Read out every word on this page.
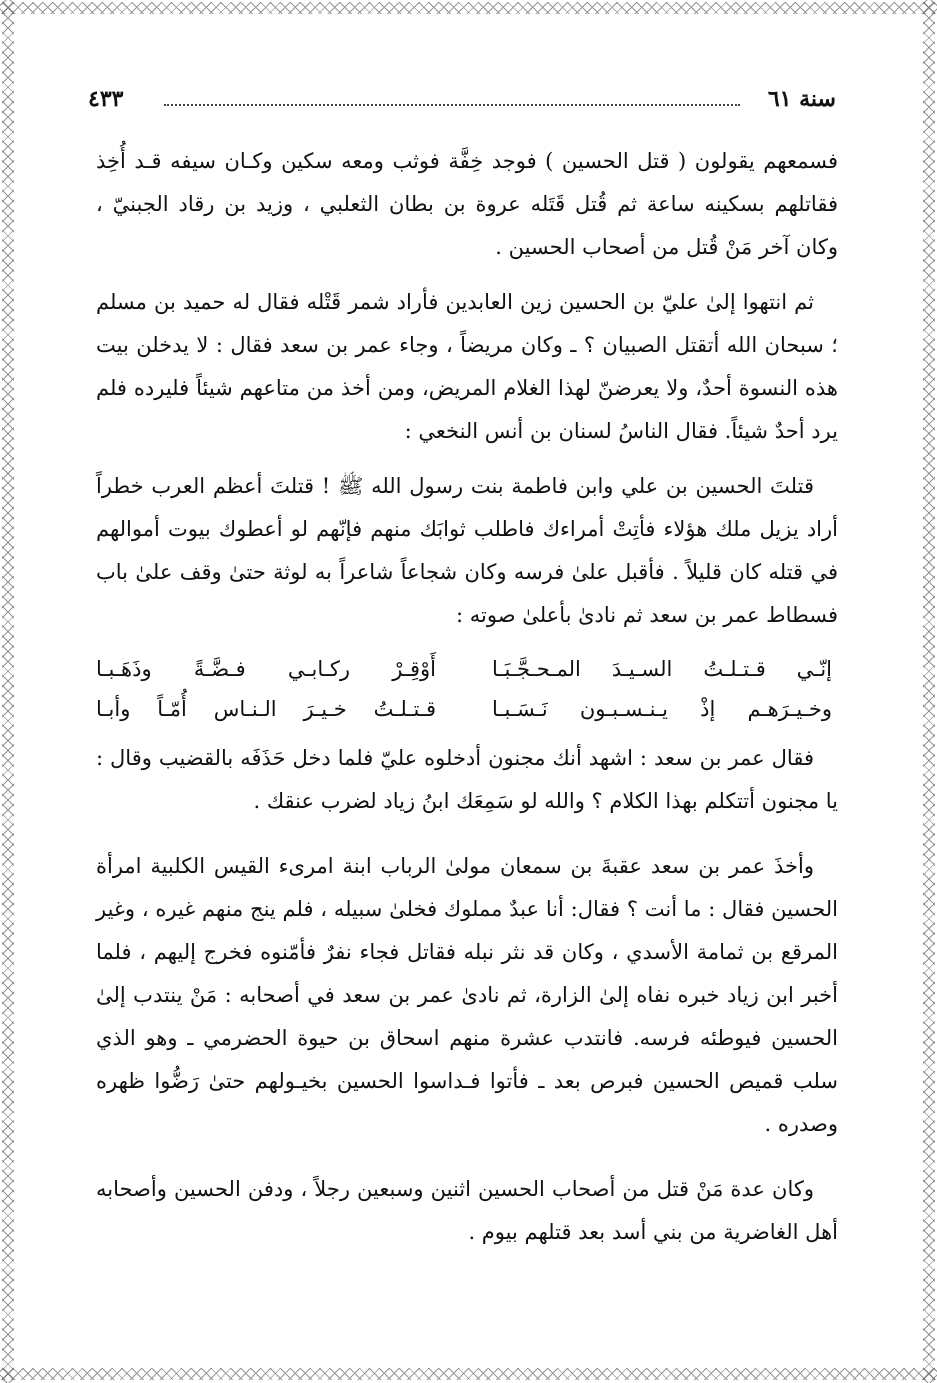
سنة ٦١
٤٣٣

فسمعهم يقولون ( قتل الحسين ) فوجد خِفَّة فوثب ومعه سكين وكـان سيفه قـد أُخِذ فقاتلهم بسكينه ساعة ثم قُتل قَتَله عروة بن بطان الثعلبي ، وزيد بن رقاد الجبنيّ ، وكان آخر مَنْ قُتل من أصحاب الحسين .

ثم انتهوا إلىٰ عليّ بن الحسين زين العابدين فأراد شمر قَتْله فقال له حميد بن مسلم ؛ سبحان الله أتقتل الصبيان ؟ ـ وكان مريضاً ، وجاء عمر بن سعد فقال : لا يدخلن بيت هذه النسوة أحدٌ، ولا يعرضنّ لهذا الغلام المريض، ومن أخذ من متاعهم شيئاً فليرده فلم يرد أحدٌ شيئاً. فقال الناسُ لسنان بن أنس النخعي :

قتلتَ الحسين بن علي وابن فاطمة بنت رسول الله ﷺ ! قتلتَ أعظم العرب خطراً أراد يزيل ملك هؤلاء فأتِتْ أمراءك فاطلب ثوابَك منهم فإنّهم لو أعطوك بيوت أموالهم في قتله كان قليلاً . فأقبل علىٰ فرسه وكان شجاعاً شاعراً به لوثة حتىٰ وقف علىٰ باب فسطاط عمر بن سعد ثم نادىٰ بأعلىٰ صوته :

إنّـي قـتـلـتُ السـيـدَ المـحـجَّـبَـا
أَوْقِـرْ ركـابـي فـضَّـةً وذَهَـبـا
وخـيـرَهـم إذْ يـنـسـبـون نَـسَـبـا
قـتـلـتُ خـيـرَ الـنـاس أُمّـاً وأبـا

فقال عمر بن سعد : اشهد أنك مجنون أدخلوه عليّ فلما دخل حَذَفَه بالقضيب وقال : يا مجنون أتتكلم بهذا الكلام ؟ والله لو سَمِعَك ابنُ زياد لضرب عنقك .

وأخذَ عمر بن سعد عقبةَ بن سمعان مولىٰ الرباب ابنة امرىء القيس الكلبية امرأة الحسين فقال : ما أنت ؟ فقال: أنا عبدٌ مملوك فخلىٰ سبيله ، فلم ينج منهم غيره ، وغير المرقع بن ثمامة الأسدي ، وكان قد نثر نبله فقاتل فجاء نفرٌ فأمّنوه فخرج إليهم ، فلما أخبر ابن زياد خبره نفاه إلىٰ الزارة، ثم نادىٰ عمر بن سعد في أصحابه : مَنْ ينتدب إلىٰ الحسين فيوطئه فرسه. فانتدب عشرة منهم اسحاق بن حيوة الحضرمي ـ وهو الذي سلب قميص الحسين فبرص بعد ـ فأتوا فـداسوا الحسين بخيـولهم حتىٰ رَضُّوا ظهره وصدره .

وكان عدة مَنْ قتل من أصحاب الحسين اثنين وسبعين رجلاً ، ودفن الحسين وأصحابه أهل الغاضرية من بني أسد بعد قتلهم بيوم .
